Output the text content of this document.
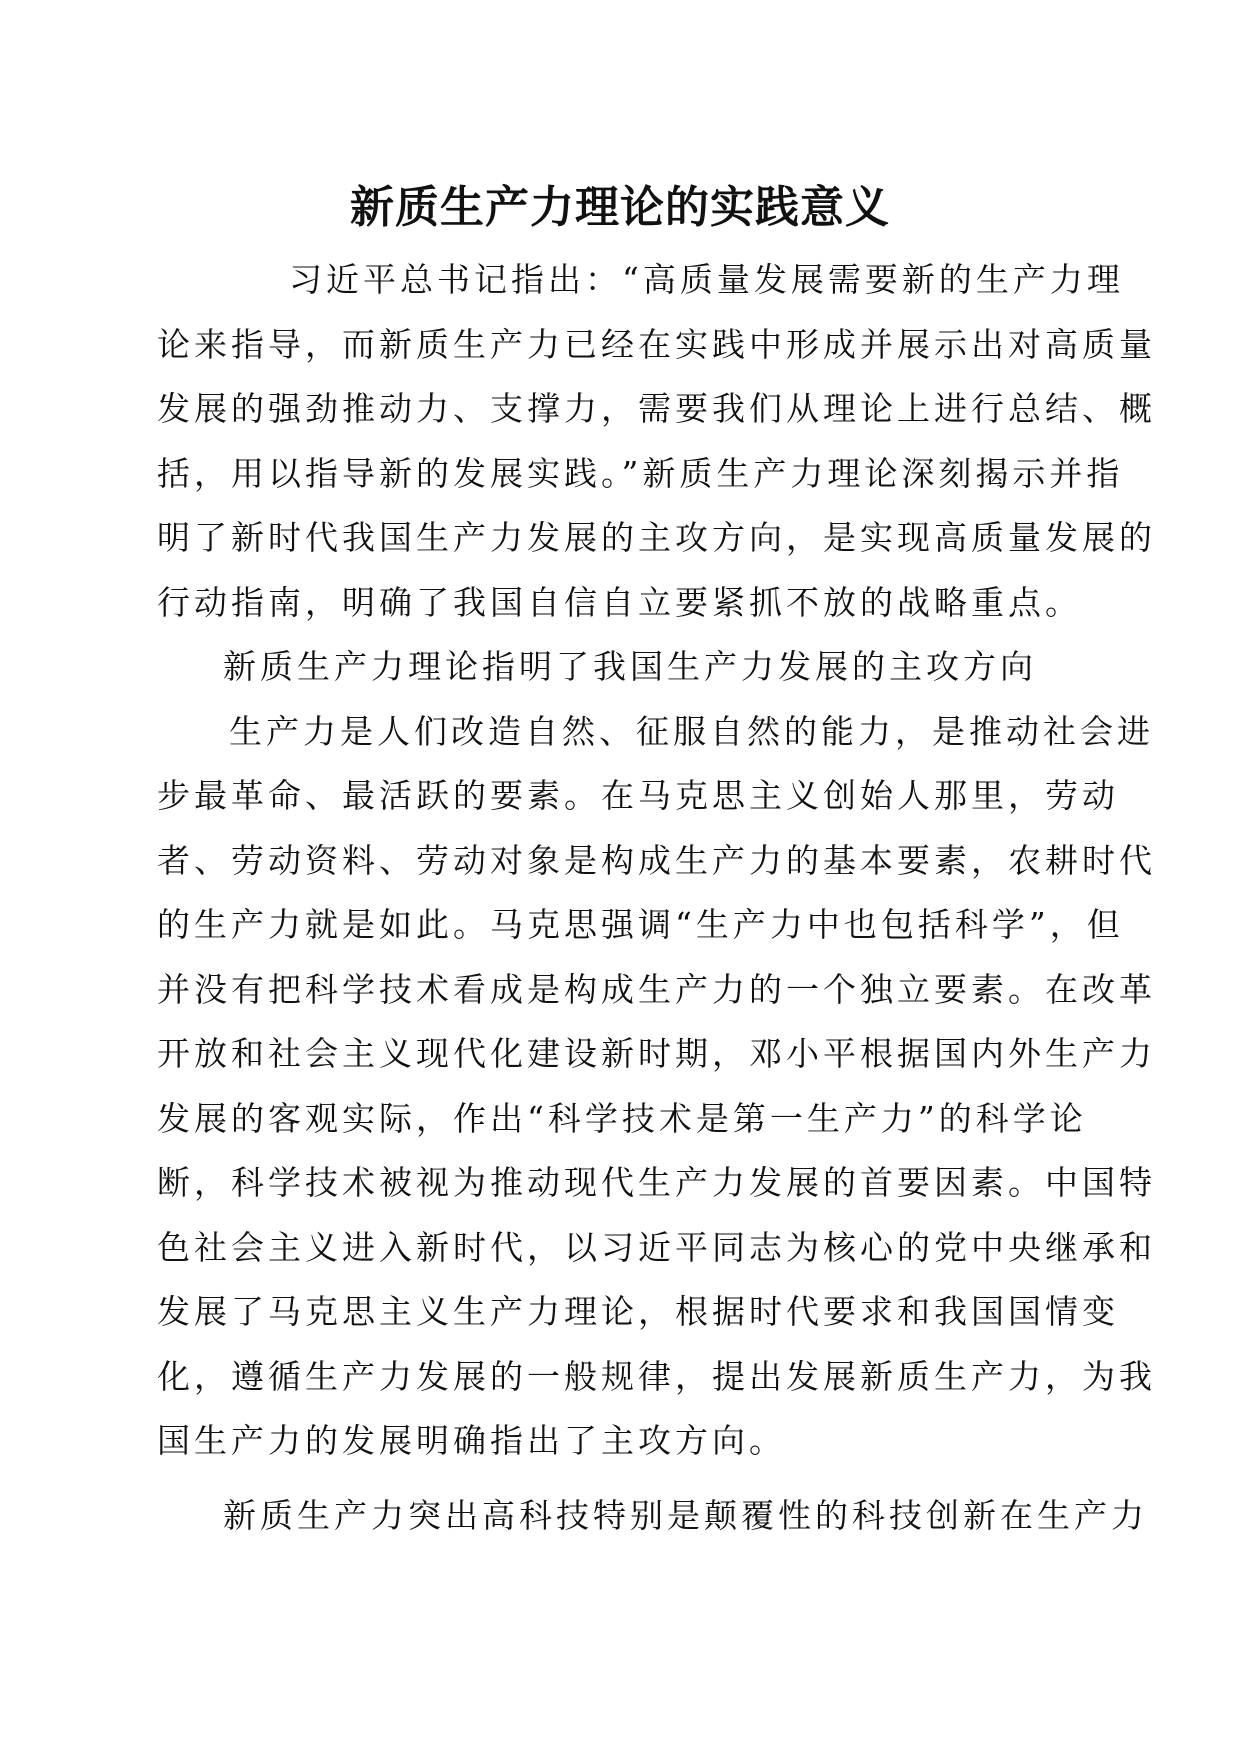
新质生产力理论的实践意义
习近平总书记指出：“高质量发展需要新的生产力理
论来指导，而新质生产力已经在实践中形成并展示出对高质量
发展的强劲推动力、支撑力，需要我们从理论上进行总结、概
括，用以指导新的发展实践。”新质生产力理论深刻揭示并指
明了新时代我国生产力发展的主攻方向，是实现高质量发展的
行动指南，明确了我国自信自立要紧抓不放的战略重点。
新质生产力理论指明了我国生产力发展的主攻方向
生产力是人们改造自然、征服自然的能力，是推动社会进
步最革命、最活跃的要素。在马克思主义创始人那里，劳动
者、劳动资料、劳动对象是构成生产力的基本要素，农耕时代
的生产力就是如此。马克思强调“生产力中也包括科学”，但
并没有把科学技术看成是构成生产力的一个独立要素。在改革
开放和社会主义现代化建设新时期，邓小平根据国内外生产力
发展的客观实际，作出“科学技术是第一生产力”的科学论
断，科学技术被视为推动现代生产力发展的首要因素。中国特
色社会主义进入新时代，以习近平同志为核心的党中央继承和
发展了马克思主义生产力理论，根据时代要求和我国国情变
化，遵循生产力发展的一般规律，提出发展新质生产力，为我
国生产力的发展明确指出了主攻方向。
新质生产力突出高科技特别是颠覆性的科技创新在生产力
